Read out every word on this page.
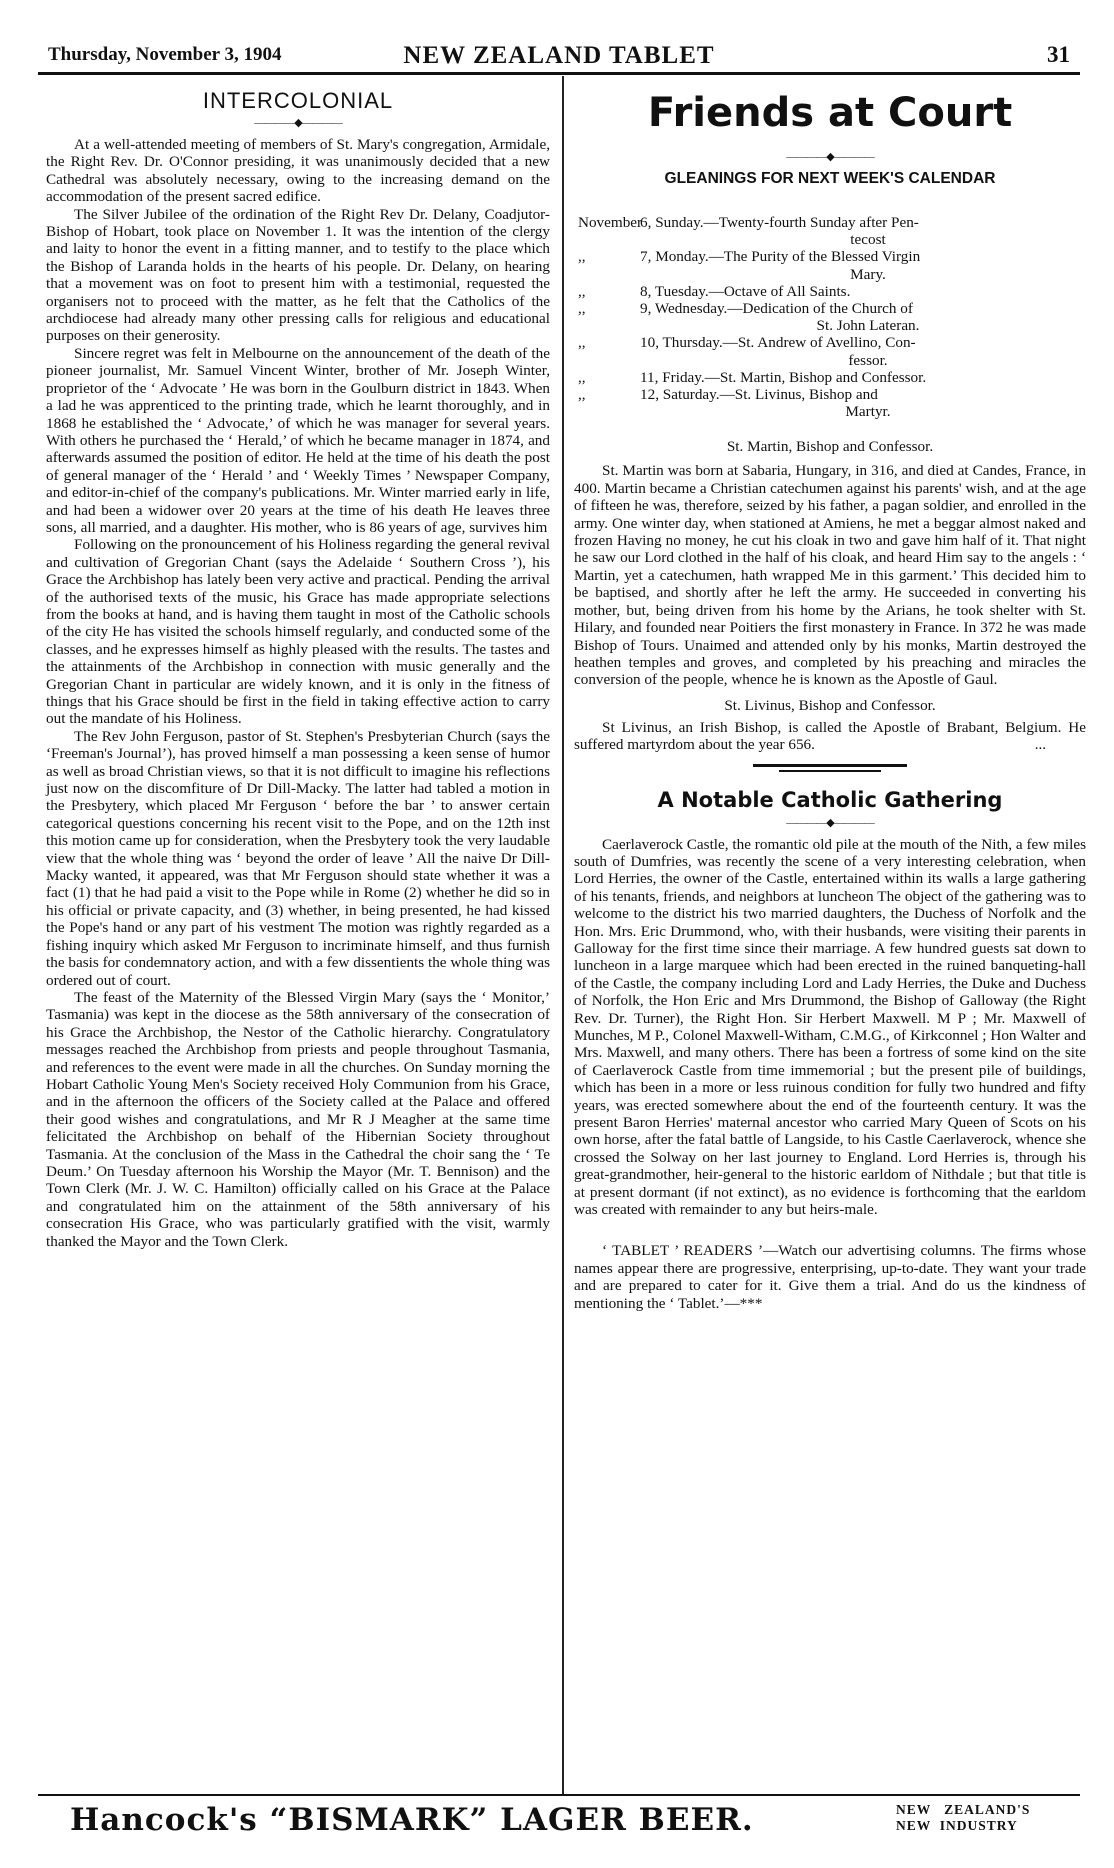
Thursday, November 3, 1904	NEW ZEALAND TABLET	31
INTERCOLONIAL
————◆————

At a well-attended meeting of members of St. Mary's congregation, Armidale, the Right Rev. Dr. O'Connor presiding, it was unanimously decided that a new Cathedral was absolutely necessary, owing to the increasing demand on the accommodation of the present sacred edifice.

The Silver Jubilee of the ordination of the Right Rev Dr. Delany, Coadjutor-Bishop of Hobart, took place on November 1. It was the intention of the clergy and laity to honor the event in a fitting manner, and to testify to the place which the Bishop of Laranda holds in the hearts of his people. Dr. Delany, on hearing that a movement was on foot to present him with a testimonial, requested the organisers not to proceed with the matter, as he felt that the Catholics of the archdiocese had already many other pressing calls for religious and educational purposes on their generosity.

Sincere regret was felt in Melbourne on the announcement of the death of the pioneer journalist, Mr. Samuel Vincent Winter, brother of Mr. Joseph Winter, proprietor of the ‘ Advocate ’ He was born in the Goulburn district in 1843. When a lad he was apprenticed to the printing trade, which he learnt thoroughly, and in 1868 he established the ‘ Advocate,’ of which he was manager for several years. With others he purchased the ‘ Herald,’ of which he became manager in 1874, and afterwards assumed the position of editor. He held at the time of his death the post of general manager of the ‘ Herald ’ and ‘ Weekly Times ’ Newspaper Company, and editor-in-chief of the company's publications. Mr. Winter married early in life, and had been a widower over 20 years at the time of his death He leaves three sons, all married, and a daughter. His mother, who is 86 years of age, survives him

Following on the pronouncement of his Holiness regarding the general revival and cultivation of Gregorian Chant (says the Adelaide ‘ Southern Cross ’), his Grace the Archbishop has lately been very active and practical. Pending the arrival of the authorised texts of the music, his Grace has made appropriate selections from the books at hand, and is having them taught in most of the Catholic schools of the city He has visited the schools himself regularly, and conducted some of the classes, and he expresses himself as highly pleased with the results. The tastes and the attainments of the Archbishop in connection with music generally and the Gregorian Chant in particular are widely known, and it is only in the fitness of things that his Grace should be first in the field in taking effective action to carry out the mandate of his Holiness.

The Rev John Ferguson, pastor of St. Stephen's Presbyterian Church (says the ‘Freeman's Journal’), has proved himself a man possessing a keen sense of humor as well as broad Christian views, so that it is not difficult to imagine his reflections just now on the discomfiture of Dr Dill-Macky. The latter had tabled a motion in the Presbytery, which placed Mr Ferguson ‘ before the bar ’ to answer certain categorical questions concerning his recent visit to the Pope, and on the 12th inst this motion came up for consideration, when the Presbytery took the very laudable view that the whole thing was ‘ beyond the order of leave ’ All the naive Dr Dill-Macky wanted, it appeared, was that Mr Ferguson should state whether it was a fact (1) that he had paid a visit to the Pope while in Rome (2) whether he did so in his official or private capacity, and (3) whether, in being presented, he had kissed the Pope's hand or any part of his vestment The motion was rightly regarded as a fishing inquiry which asked Mr Ferguson to incriminate himself, and thus furnish the basis for condemnatory action, and with a few dissentients the whole thing was ordered out of court.

The feast of the Maternity of the Blessed Virgin Mary (says the ‘ Monitor,’ Tasmania) was kept in the diocese as the 58th anniversary of the consecration of his Grace the Archbishop, the Nestor of the Catholic hierarchy. Congratulatory messages reached the Archbishop from priests and people throughout Tasmania, and references to the event were made in all the churches. On Sunday morning the Hobart Catholic Young Men's Society received Holy Communion from his Grace, and in the afternoon the officers of the Society called at the Palace and offered their good wishes and congratulations, and Mr R J Meagher at the same time felicitated the Archbishop on behalf of the Hibernian Society throughout Tasmania. At the conclusion of the Mass in the Cathedral the choir sang the ‘ Te Deum.’ On Tuesday afternoon his Worship the Mayor (Mr. T. Bennison) and the Town Clerk (Mr. J. W. C. Hamilton) officially called on his Grace at the Palace and congratulated him on the attainment of the 58th anniversary of his consecration His Grace, who was particularly gratified with the visit, warmly thanked the Mayor and the Town Clerk.

Friends at Court
————◆————
GLEANINGS FOR NEXT WEEK'S CALENDAR
November
6, Sunday.—Twenty-fourth Sunday after Pen-
tecost
,,	7, Monday.—The Purity of the Blessed Virgin
Mary.
,,	8, Tuesday.—Octave of All Saints.
,,	9, Wednesday.—Dedication of the Church of
St. John Lateran.
,,	10, Thursday.—St. Andrew of Avellino, Con-
fessor.
,,	11, Friday.—St. Martin, Bishop and Confessor.
,,	12, Saturday.—St. Livinus, Bishop and
Martyr.
St. Martin, Bishop and Confessor.

St. Martin was born at Sabaria, Hungary, in 316, and died at Candes, France, in 400. Martin became a Christian catechumen against his parents' wish, and at the age of fifteen he was, therefore, seized by his father, a pagan soldier, and enrolled in the army. One winter day, when stationed at Amiens, he met a beggar almost naked and frozen Having no money, he cut his cloak in two and gave him half of it. That night he saw our Lord clothed in the half of his cloak, and heard Him say to the angels : ‘ Martin, yet a catechumen, hath wrapped Me in this garment.’ This decided him to be baptised, and shortly after he left the army. He succeeded in converting his mother, but, being driven from his home by the Arians, he took shelter with St. Hilary, and founded near Poitiers the first monastery in France. In 372 he was made Bishop of Tours. Unaimed and attended only by his monks, Martin destroyed the heathen temples and groves, and completed by his preaching and miracles the conversion of the people, whence he is known as the Apostle of Gaul.

St. Livinus, Bishop and Confessor.

St Livinus, an Irish Bishop, is called the Apostle of Brabant, Belgium. He suffered martyrdom about the year 656.	...
A Notable Catholic Gathering
————◆————

Caerlaverock Castle, the romantic old pile at the mouth of the Nith, a few miles south of Dumfries, was recently the scene of a very interesting celebration, when Lord Herries, the owner of the Castle, entertained within its walls a large gathering of his tenants, friends, and neighbors at luncheon The object of the gathering was to welcome to the district his two married daughters, the Duchess of Norfolk and the Hon. Mrs. Eric Drummond, who, with their husbands, were visiting their parents in Galloway for the first time since their marriage. A few hundred guests sat down to luncheon in a large marquee which had been erected in the ruined banqueting-hall of the Castle, the company including Lord and Lady Herries, the Duke and Duchess of Norfolk, the Hon Eric and Mrs Drummond, the Bishop of Galloway (the Right Rev. Dr. Turner), the Right Hon. Sir Herbert Maxwell. M P ; Mr. Maxwell of Munches, M P., Colonel Maxwell-Witham, C.M.G., of Kirkconnel ; Hon Walter and Mrs. Maxwell, and many others. There has been a fortress of some kind on the site of Caerlaverock Castle from time immemorial ; but the present pile of buildings, which has been in a more or less ruinous condition for fully two hundred and fifty years, was erected somewhere about the end of the fourteenth century. It was the present Baron Herries' maternal ancestor who carried Mary Queen of Scots on his own horse, after the fatal battle of Langside, to his Castle Caerlaverock, whence she crossed the Solway on her last journey to England. Lord Herries is, through his great-grandmother, heir-general to the historic earldom of Nithdale ; but that title is at present dormant (if not extinct), as no evidence is forthcoming that the earldom was created with remainder to any but heirs-male.

‘ TABLET ’ READERS ’—Watch our advertising columns. The firms whose names appear there are progressive, enterprising, up-to-date. They want your trade and are prepared to cater for it. Give them a trial. And do us the kindness of mentioning the ‘ Tablet.’—***

Hancock's “BISMARK” LAGER BEER.	NEW   ZEALAND'S
NEW  INDUSTRY
